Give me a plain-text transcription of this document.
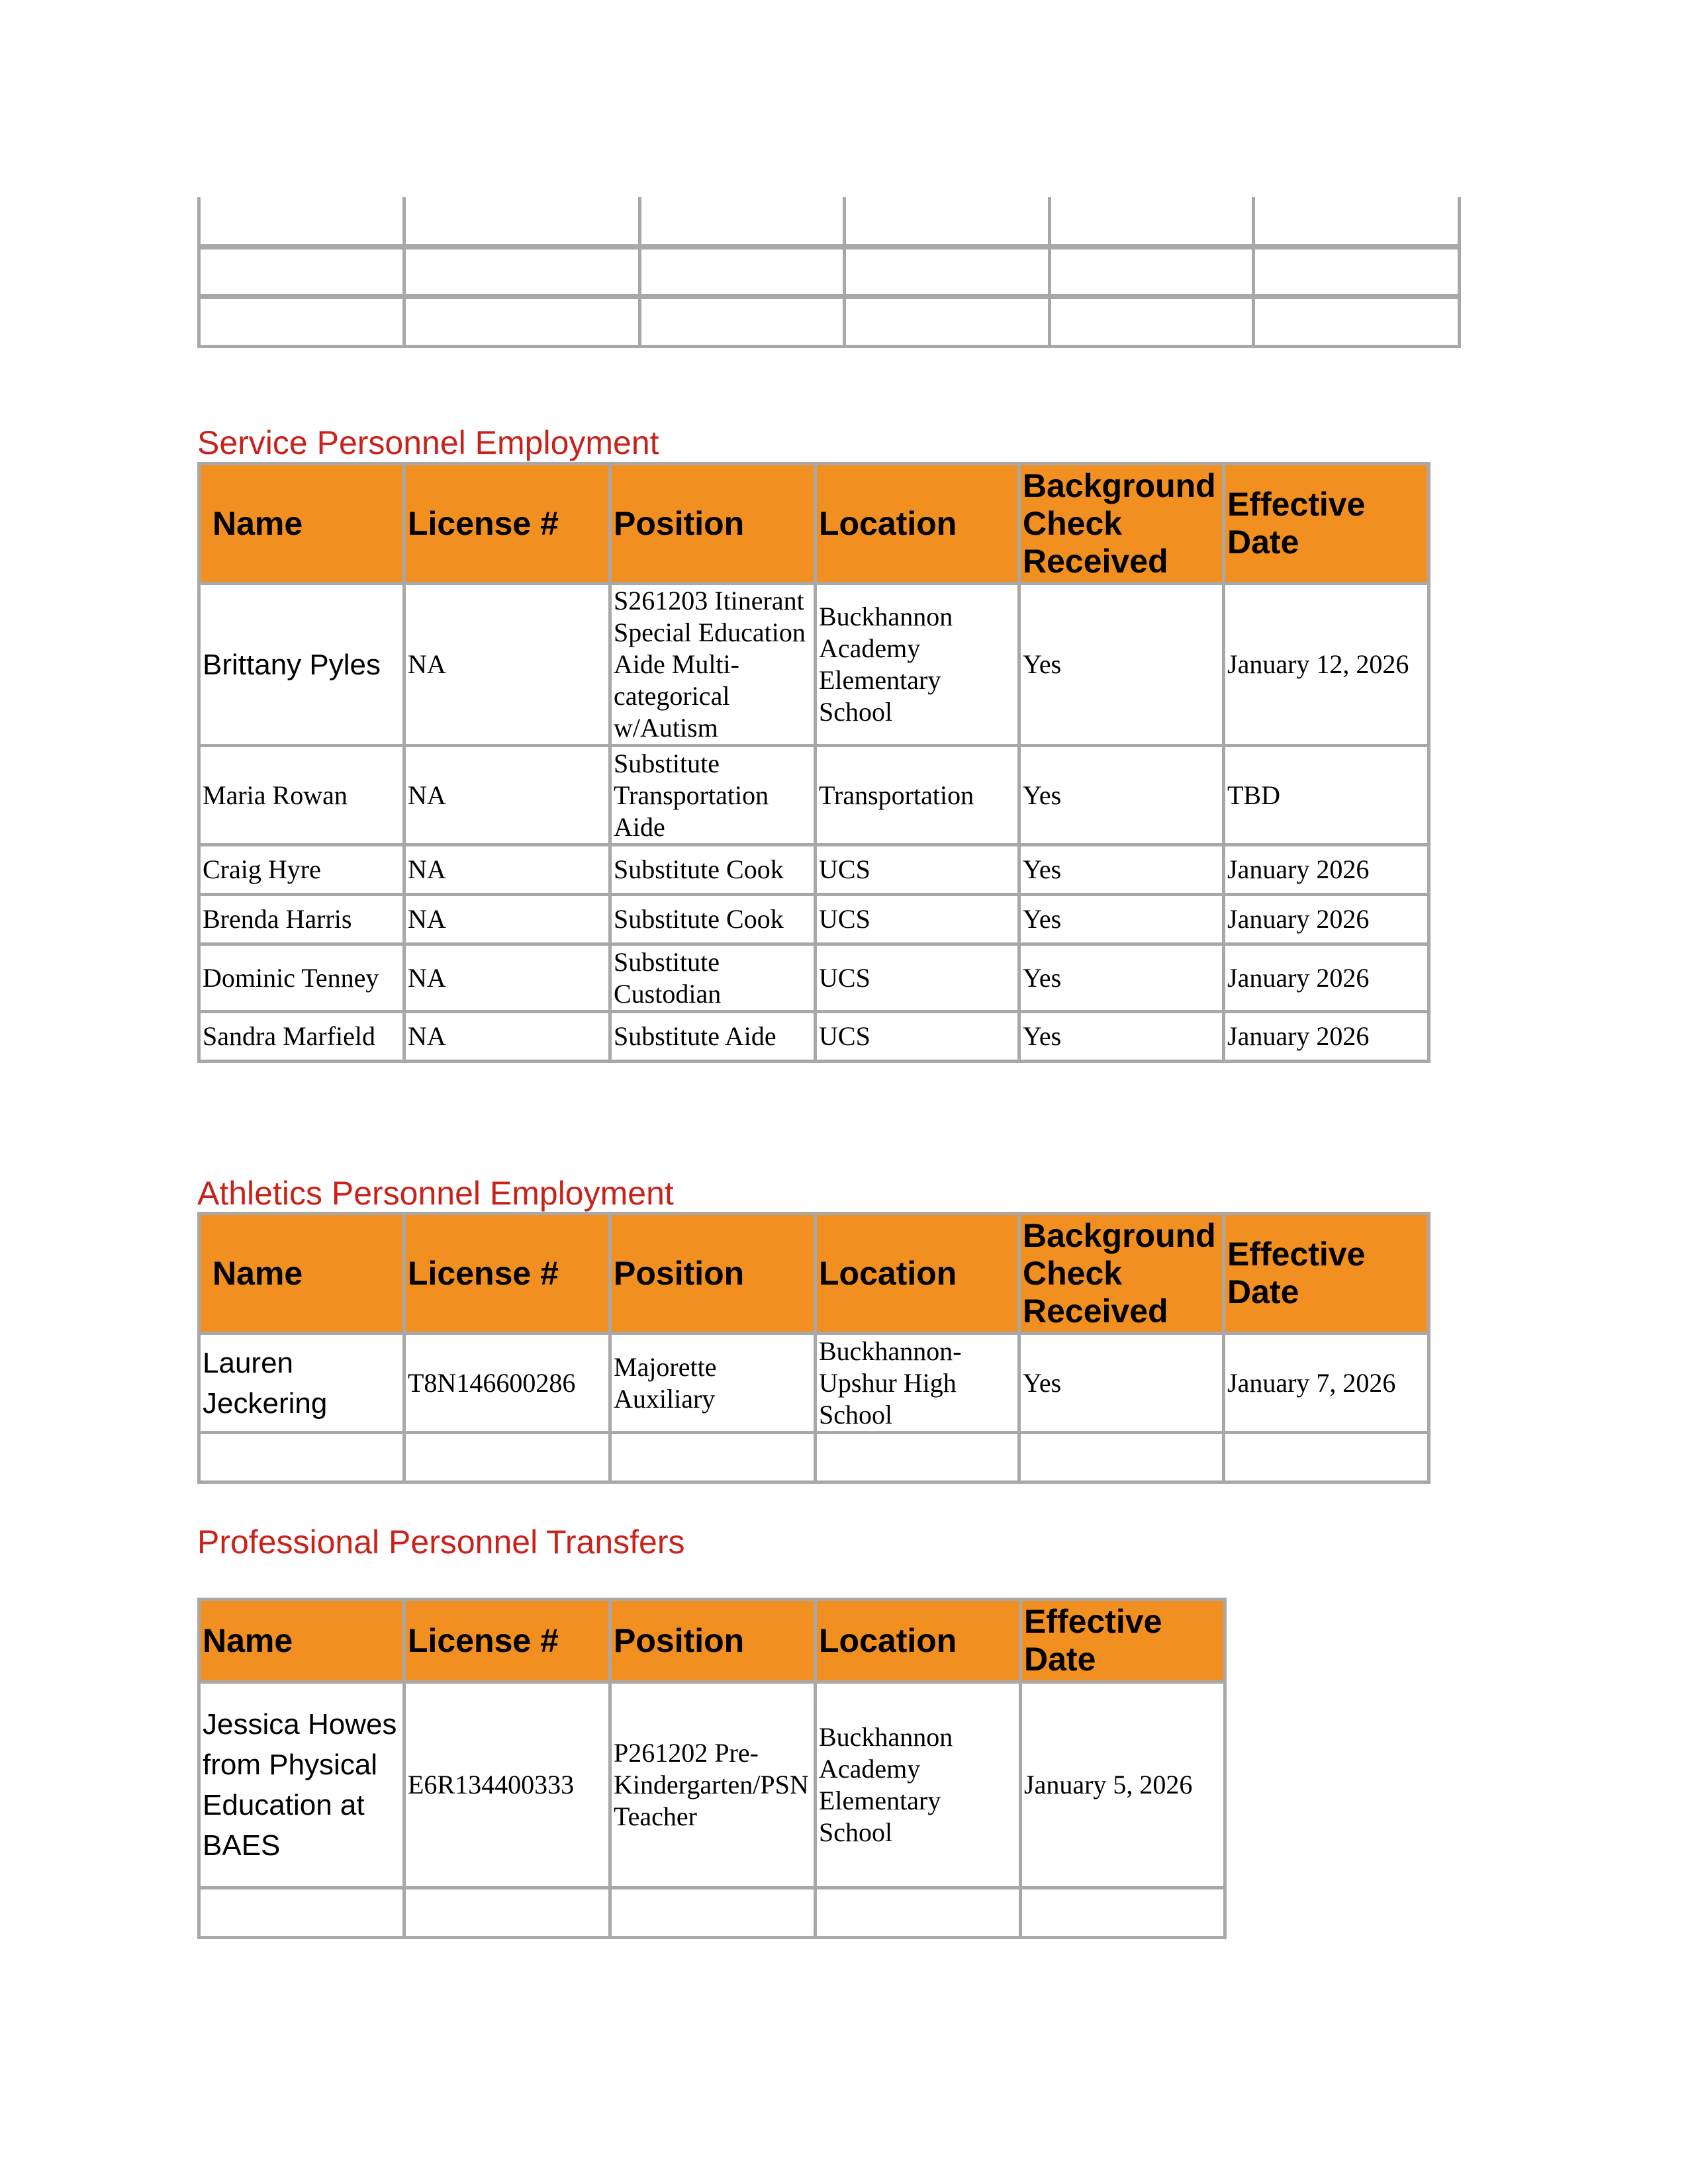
Service Personnel Employment
Name	License #	Position	Location	Background Check Received	Effective Date
Brittany Pyles	NA	S261203 Itinerant Special Education Aide Multi-categorical w/Autism	Buckhannon Academy Elementary School	Yes	January 12, 2026
Maria Rowan	NA	Substitute Transportation Aide	Transportation	Yes	TBD
Craig Hyre	NA	Substitute Cook	UCS	Yes	January 2026
Brenda Harris	NA	Substitute Cook	UCS	Yes	January 2026
Dominic Tenney	NA	Substitute Custodian	UCS	Yes	January 2026
Sandra Marfield	NA	Substitute Aide	UCS	Yes	January 2026
Athletics Personnel Employment
Name	License #	Position	Location	Background Check Received	Effective Date
Lauren Jeckering	T8N146600286	Majorette Auxiliary	Buckhannon-Upshur High School	Yes	January 7, 2026

Professional Personnel Transfers
Name	License #	Position	Location	Effective Date
Jessica Howes from Physical Education at BAES	E6R134400333	P261202 Pre-Kindergarten/PSN Teacher	Buckhannon Academy Elementary School	January 5, 2026
